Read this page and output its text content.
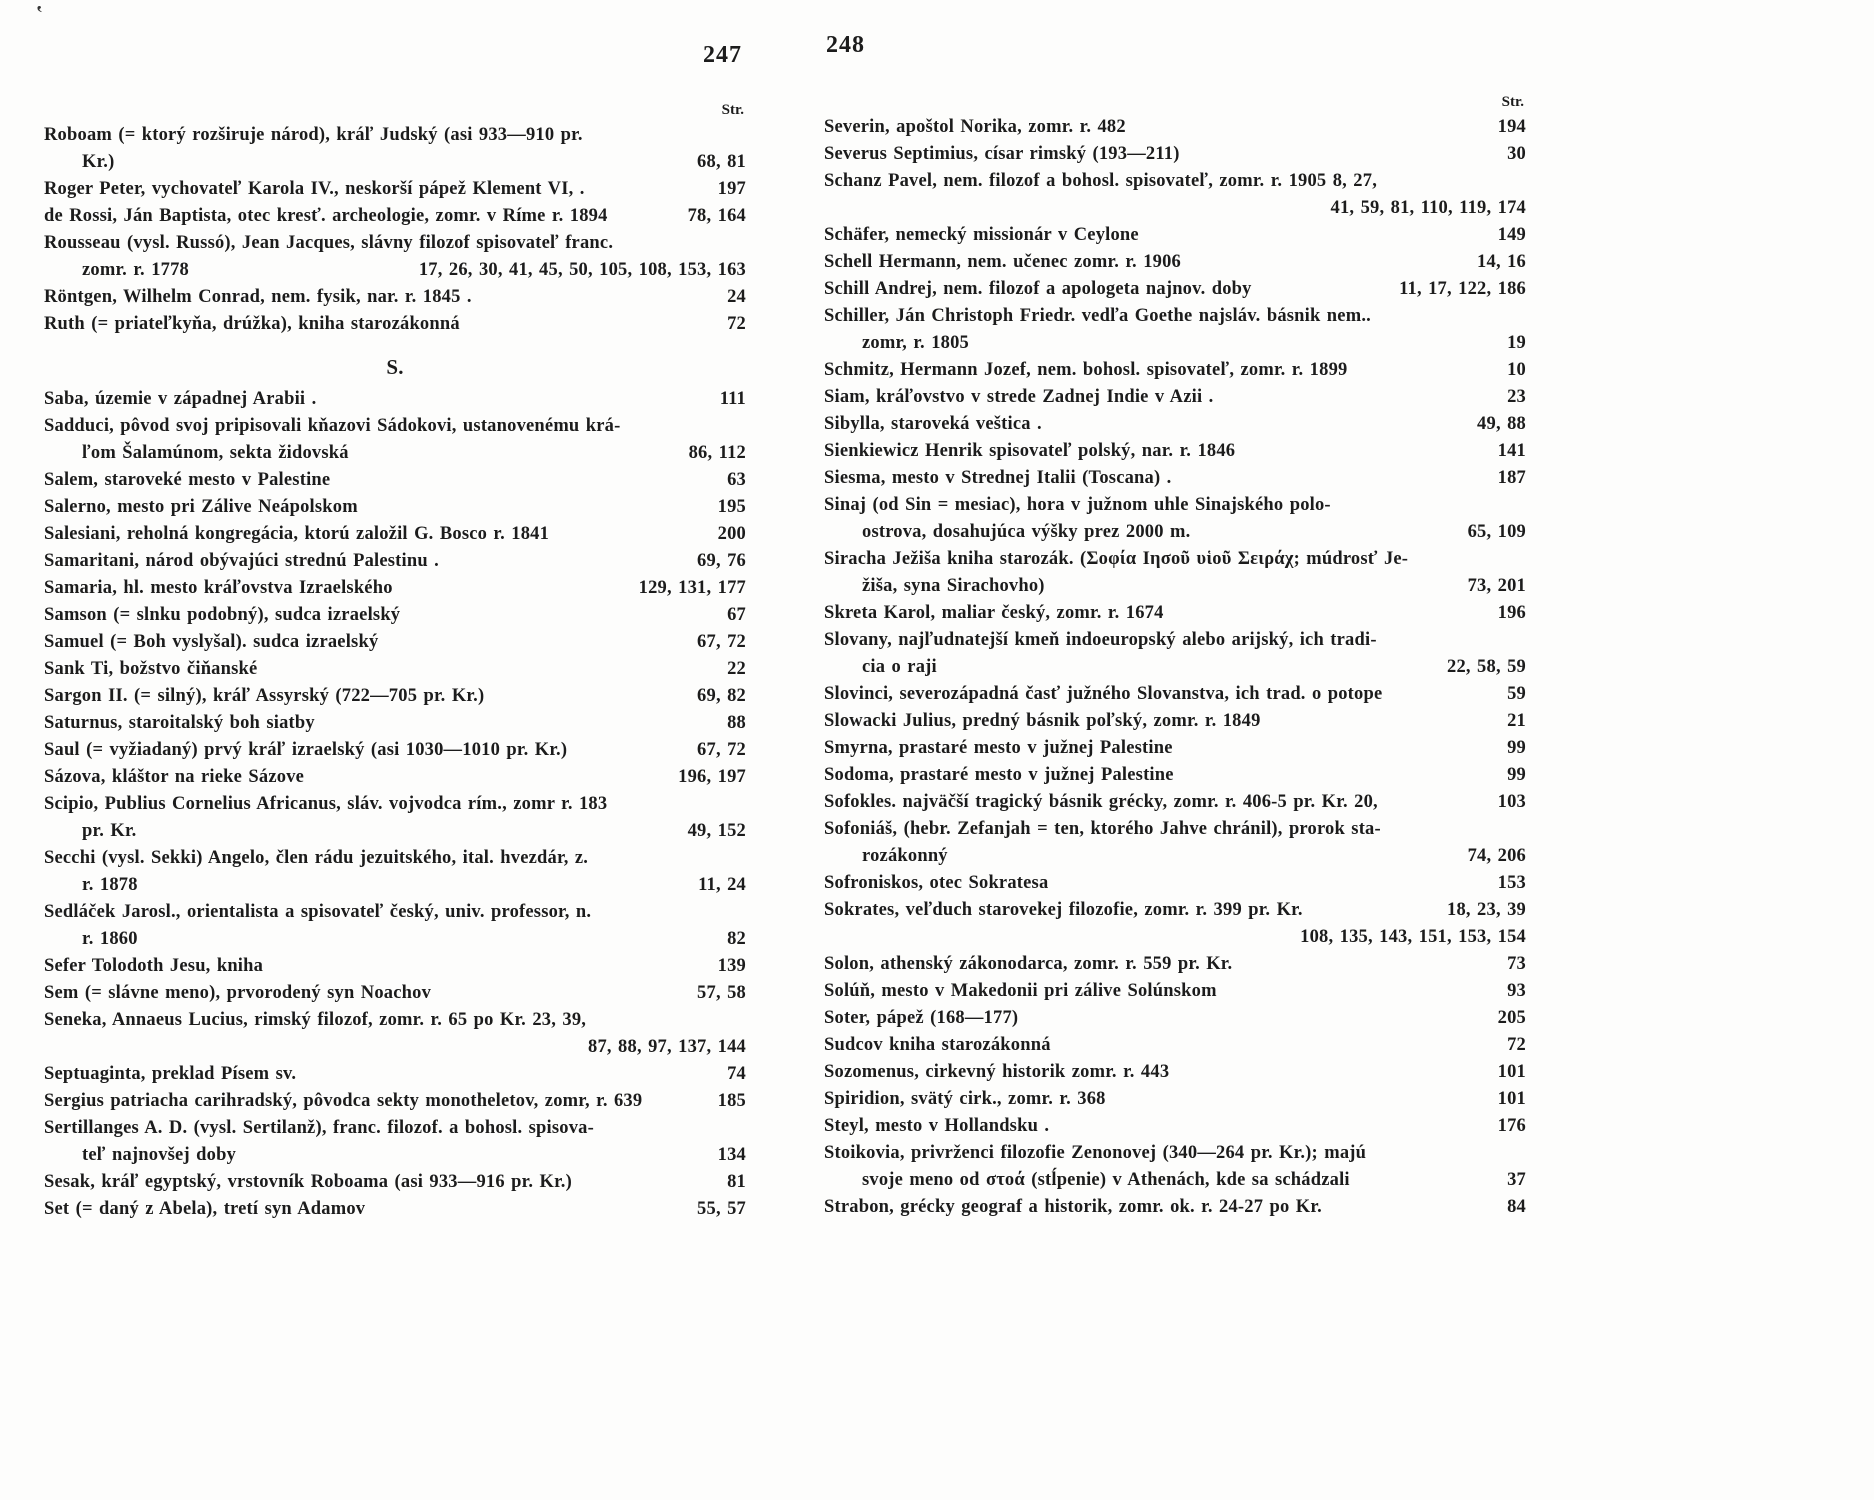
‛
247
Str.
Roboam (= ktorý rozširuje národ), kráľ Judský (asi 933—910 pr.
Kr.)	68, 81
Roger Peter, vychovateľ Karola IV., neskorší pápež Klement VI, .	197
de Rossi, Ján Baptista, otec kresť. archeologie, zomr. v Ríme r. 1894	78, 164
Rousseau (vysl. Russó), Jean Jacques, slávny filozof spisovateľ franc.
zomr. r. 1778	17, 26, 30, 41, 45, 50, 105, 108, 153, 163
Röntgen, Wilhelm Conrad, nem. fysik, nar. r. 1845 .	24
Ruth (= priateľkyňa, drúžka), kniha starozákonná	72
S.
Saba, územie v západnej Arabii .	111
Sadduci, pôvod svoj pripisovali kňazovi Sádokovi, ustanovenému krá-
ľom Šalamúnom, sekta židovská	86, 112
Salem, staroveké mesto v Palestine	63
Salerno, mesto pri Zálive Neápolskom	195
Salesiani, reholná kongregácia, ktorú založil G. Bosco r. 1841	200
Samaritani, národ obývajúci strednú Palestinu .	69, 76
Samaria, hl. mesto kráľovstva Izraelského	129, 131, 177
Samson (= slnku podobný), sudca izraelský	67
Samuel (= Boh vyslyšal). sudca izraelský	67, 72
Sank Ti, božstvo čiňanské	22
Sargon II. (= silný), kráľ Assyrský (722—705 pr. Kr.)	69, 82
Saturnus, staroitalský boh siatby	88
Saul (= vyžiadaný) prvý kráľ izraelský (asi 1030—1010 pr. Kr.)	67, 72
Sázova, kláštor na rieke Sázove	196, 197
Scipio, Publius Cornelius Africanus, sláv. vojvodca rím., zomr r. 183
pr. Kr.	49, 152
Secchi (vysl. Sekki) Angelo, člen rádu jezuitského, ital. hvezdár, z.
r. 1878	11, 24
Sedláček Jarosl., orientalista a spisovateľ český, univ. professor, n.
r. 1860	82
Sefer Tolodoth Jesu, kniha	139
Sem (= slávne meno), prvorodený syn Noachov	57, 58
Seneka, Annaeus Lucius, rimský filozof, zomr. r. 65 po Kr. 23, 39,
87, 88, 97, 137, 144
Septuaginta, preklad Písem sv.	74
Sergius patriacha carihradský, pôvodca sekty monotheletov, zomr, r. 639	185
Sertillanges A. D. (vysl. Sertilanž), franc. filozof. a bohosl. spisova-
teľ najnovšej doby	134
Sesak, kráľ egyptský, vrstovník Roboama (asi 933—916 pr. Kr.)	81
Set (= daný z Abela), tretí syn Adamov	55, 57
248
Str.
Severin, apoštol Norika, zomr. r. 482	194
Severus Septimius, císar rimský (193—211)	30
Schanz Pavel, nem. filozof a bohosl. spisovateľ, zomr. r. 1905 8, 27,
41, 59, 81, 110, 119, 174
Schäfer, nemecký missionár v Ceylone	149
Schell Hermann, nem. učenec zomr. r. 1906	14, 16
Schill Andrej, nem. filozof a apologeta najnov. doby	11, 17, 122, 186
Schiller, Ján Christoph Friedr. vedľa Goethe najsláv. básnik nem..
zomr, r. 1805	19
Schmitz, Hermann Jozef, nem. bohosl. spisovateľ, zomr. r. 1899	10
Siam, kráľovstvo v strede Zadnej Indie v Azii .	23
Sibylla, staroveká veštica .	49, 88
Sienkiewicz Henrik spisovateľ polský, nar. r. 1846	141
Siesma, mesto v Strednej Italii (Toscana) .	187
Sinaj (od Sin = mesiac), hora v južnom uhle Sinajského polo-
ostrova, dosahujúca výšky prez 2000 m.	65, 109
Siracha Ježiša kniha starozák. (Σοφία Ιησοῦ υἱοῦ Σειράχ; múdrosť Je-
žiša, syna Sirachovho)	73, 201
Skreta Karol, maliar český, zomr. r. 1674	196
Slovany, najľudnatejší kmeň indoeuropský alebo arijský, ich tradi-
cia o raji	22, 58, 59
Slovinci, severozápadná časť južného Slovanstva, ich trad. o potope	59
Slowacki Julius, predný básnik poľský, zomr. r. 1849	21
Smyrna, prastaré mesto v južnej Palestine	99
Sodoma, prastaré mesto v južnej Palestine	99
Sofokles. najväčší tragický básnik grécky, zomr. r. 406-5 pr. Kr. 20,	103
Sofoniáš, (hebr. Zefanjah = ten, ktorého Jahve chránil), prorok sta-
rozákonný	74, 206
Sofroniskos, otec Sokratesa	153
Sokrates, veľduch starovekej filozofie, zomr. r. 399 pr. Kr.	18, 23, 39
108, 135, 143, 151, 153, 154
Solon, athenský zákonodarca, zomr. r. 559 pr. Kr.	73
Solúň, mesto v Makedonii pri zálive Solúnskom	93
Soter, pápež (168—177)	205
Sudcov kniha starozákonná	72
Sozomenus, cirkevný historik zomr. r. 443	101
Spiridion, svätý cirk., zomr. r. 368	101
Steyl, mesto v Hollandsku .	176
Stoikovia, privrženci filozofie Zenonovej (340—264 pr. Kr.); majú
svoje meno od στοά (stĺpenie) v Athenách, kde sa schádzali	37
Strabon, grécky geograf a historik, zomr. ok. r. 24-27 po Kr.	84
